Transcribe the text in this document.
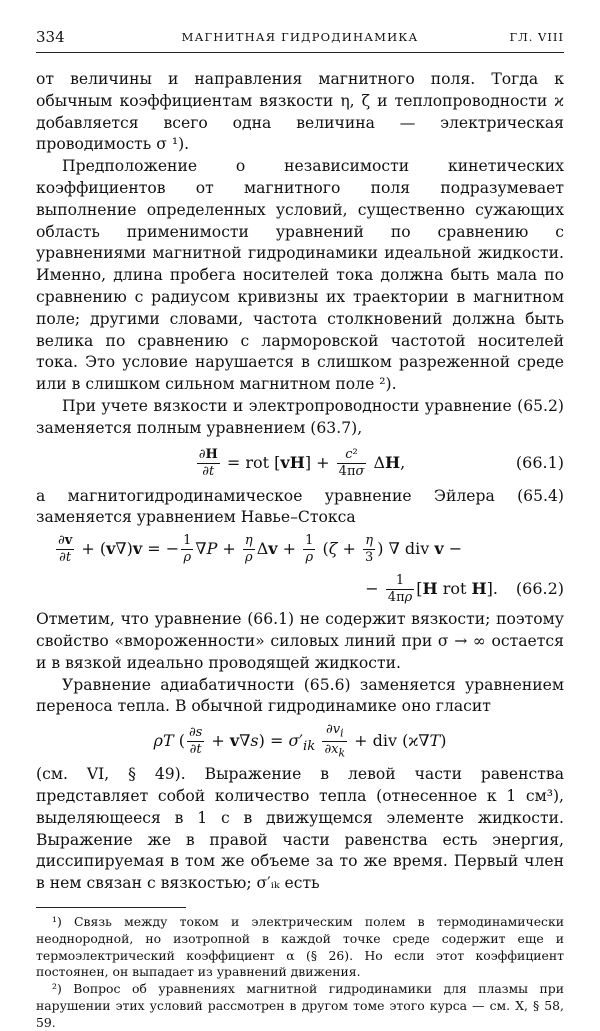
334	МАГНИТНАЯ ГИДРОДИНАМИКА	ГЛ. VIII

от величины и направления магнитного поля. Тогда к обычным коэффициентам вязкости η, ζ и теплопроводности ϰ добавляется всего одна величина — электрическая проводимость σ ¹).

Предположение о независимости кинетических коэффициентов от магнитного поля подразумевает выполнение определенных условий, существенно сужающих область применимости уравнений по сравнению с уравнениями магнитной гидродинамики идеальной жидкости. Именно, длина пробега носителей тока должна быть мала по сравнению с радиусом кривизны их траектории в магнитном поле; другими словами, частота столкновений должна быть велика по сравнению с ларморовской частотой носителей тока. Это условие нарушается в слишком разреженной среде или в слишком сильном магнитном поле ²).

При учете вязкости и электропроводности уравнение (65.2) заменяется полным уравнением (63.7),

$\frac{\partial H}{\partial t}$ = rot $[vH] + \frac{\text{c²}}{4\pi\sigma} \Delta H$,	(66.1)

а магнитогидродинамическое уравнение Эйлера (65.4) заменяется уравнением Навье–Стокса

$\frac{\partial v}{\partial t} + (v\nabla)v$ = − $\frac{1}{\rho} \nabla P + \frac{\eta}{\rho}$ $\Delta v + \frac{1}{\rho} (\zeta + \frac{\eta}{3}$ ) ∇ div v −
− $\frac{1}{4\pi\rho} [H$ rot H].	(66.2)

Отметим, что уравнение (66.1) не содержит вязкости; поэтому свойство «вмороженности» силовых линий при σ → ∞ остается и в вязкой идеально проводящей жидкости.

Уравнение адиабатичности (65.6) заменяется уравнением переноса тепла. В обычной гидродинамике оно гласит

ρT ( $\frac{\partial s}{\partial t} + v\nabla s) = \sigma'_{ik} \frac{\partial v_i}{\partial x_k}$ + div (ϰ∇T)

(см. VI, § 49). Выражение в левой части равенства представляет собой количество тепла (отнесенное к 1 см³), выделяющееся в 1 с в движущемся элементе жидкости. Выражение же в правой части равенства есть энергия, диссипируемая в том же объеме за то же время. Первый член в нем связан с вязкостью; σ′ᵢₖ есть

¹) Связь между током и электрическим полем в термодинамически неоднородной, но изотропной в каждой точке среде содержит еще и термоэлектрический коэффициент α (§ 26). Но если этот коэффициент постоянен, он выпадает из уравнений движения.

²) Вопрос об уравнениях магнитной гидродинамики для плазмы при нарушении этих условий рассмотрен в другом томе этого курса — см. X, § 58, 59.
